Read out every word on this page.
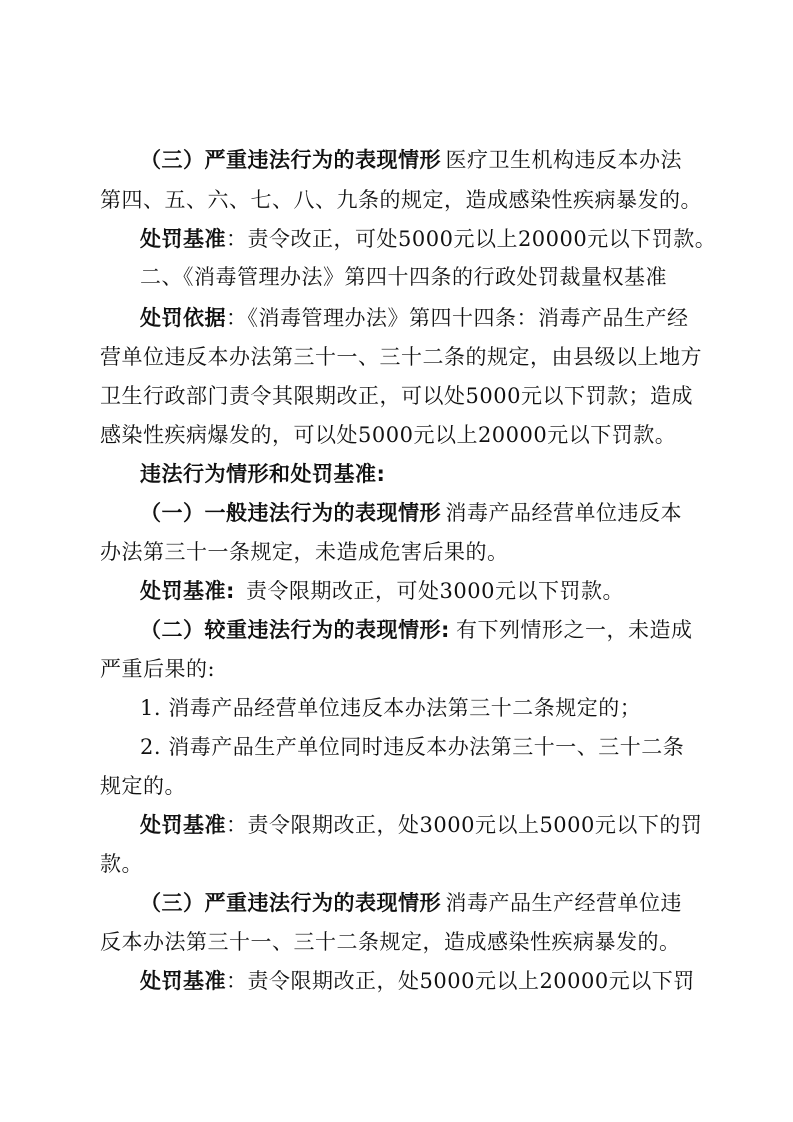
（三）严重违法行为的表现情形
：医疗卫生机构违反本办法
第四、五、六、七、八、九条的规定，造成感染性疾病暴发的。
处罚基准 ：责令改正，可处5000元以上20000元以下罚款。
二、《消毒管理办法》第四十四条的行政处罚裁量权基准
处罚依据 ：《消毒管理办法》第四十四条：消毒产品生产经
营单位违反本办法第三十一、三十二条的规定，由县级以上地方
卫生行政部门责令其限期改正，可以处5000元以下罚款；造成
感染性疾病爆发的，可以处5000元以上20000元以下罚款。
违法行为情形和处罚基准:
（一）一般违法行为的表现情形
：消毒产品经营单位违反本
办法第三十一条规定，未造成危害后果的。
处罚基准: 责令限期改正，可处3000元以下罚款。
（二）较重违法行为的表现情形: 有下列情形之一，未造成
严重后果的:
1. 消毒产品经营单位违反本办法第三十二条规定的；
2. 消毒产品生产单位同时违反本办法第三十一、三十二条
规定的。
处罚基准 ：责令限期改正，处3000元以上5000元以下的罚
款。
（三）严重违法行为的表现情形
：消毒产品生产经营单位违
反本办法第三十一、三十二条规定，造成感染性疾病暴发的。
处罚基准 ：责令限期改正，处5000元以上20000元以下罚
